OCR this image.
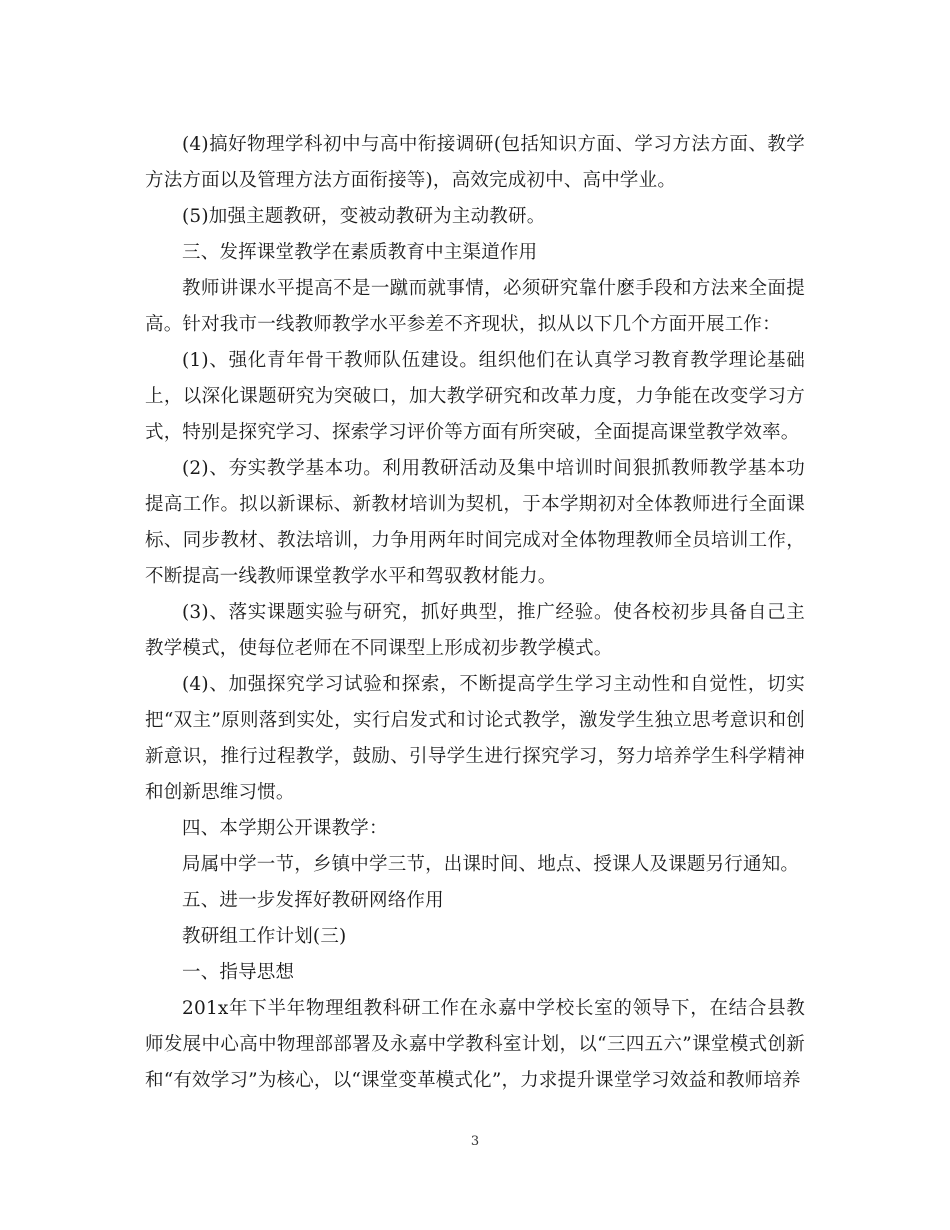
(4)搞好物理学科初中与高中衔接调研(包括知识方面、学习方法方面、教学方法方面以及管理方法方面衔接等)，高效完成初中、高中学业。

(5)加强主题教研，变被动教研为主动教研。

三、发挥课堂教学在素质教育中主渠道作用

教师讲课水平提高不是一蹴而就事情，必须研究靠什麽手段和方法来全面提高。针对我市一线教师教学水平参差不齐现状，拟从以下几个方面开展工作：

(1)、强化青年骨干教师队伍建设。组织他们在认真学习教育教学理论基础上，以深化课题研究为突破口，加大教学研究和改革力度，力争能在改变学习方式，特别是探究学习、探索学习评价等方面有所突破，全面提高课堂教学效率。

(2)、夯实教学基本功。利用教研活动及集中培训时间狠抓教师教学基本功提高工作。拟以新课标、新教材培训为契机，于本学期初对全体教师进行全面课标、同步教材、教法培训，力争用两年时间完成对全体物理教师全员培训工作，不断提高一线教师课堂教学水平和驾驭教材能力。

(3)、落实课题实验与研究，抓好典型，推广经验。使各校初步具备自己主教学模式，使每位老师在不同课型上形成初步教学模式。

(4)、加强探究学习试验和探索，不断提高学生学习主动性和自觉性，切实把“双主”原则落到实处，实行启发式和讨论式教学，激发学生独立思考意识和创新意识，推行过程教学，鼓励、引导学生进行探究学习，努力培养学生科学精神和创新思维习惯。

四、本学期公开课教学：

局属中学一节，乡镇中学三节，出课时间、地点、授课人及课题另行通知。

五、进一步发挥好教研网络作用

教研组工作计划(三)

一、指导思想

201x年下半年物理组教科研工作在永嘉中学校长室的领导下，在结合县教师发展中心高中物理部部署及永嘉中学教科室计划，以“三四五六”课堂模式创新和“有效学习”为核心，以“课堂变革模式化”，力求提升课堂学习效益和教师培养

3
